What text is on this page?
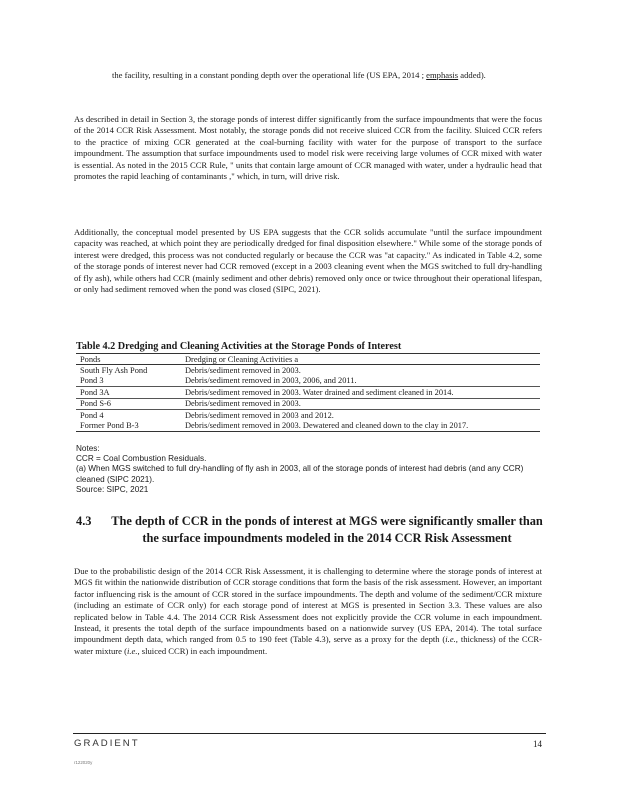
the facility, resulting in a constant ponding depth over the operational life (US EPA, 2014 ; emphasis added).

As described in detail in Section 3, the storage ponds of interest differ significantly from the surface impoundments that were the focus of the 2014 CCR Risk Assessment. Most notably, the storage ponds did not receive sluiced CCR from the facility. Sluiced CCR refers to the practice of mixing CCR generated at the coal-burning facility with water for the purpose of transport to the surface impoundment. The assumption that surface impoundments used to model risk were receiving large volumes of CCR mixed with water is essential. As noted in the 2015 CCR Rule, " units that contain large amount of CCR managed with water, under a hydraulic head that promotes the rapid leaching of contaminants ," which, in turn, will drive risk.

Additionally, the conceptual model presented by US EPA suggests that the CCR solids accumulate "until the surface impoundment capacity was reached, at which point they are periodically dredged for final disposition elsewhere." While some of the storage ponds of interest were dredged, this process was not conducted regularly or because the CCR was "at capacity." As indicated in Table 4.2, some of the storage ponds of interest never had CCR removed (except in a 2003 cleaning event when the MGS switched to full dry-handling of fly ash), while others had CCR (mainly sediment and other debris) removed only once or twice throughout their operational lifespan, or only had sediment removed when the pond was closed (SIPC, 2021).

Table 4.2 Dredging and Cleaning Activities at the Storage Ponds of Interest
Ponds	Dredging or Cleaning Activities a
South Fly Ash Pond	Debris/sediment removed in 2003.
Pond 3	Debris/sediment removed in 2003, 2006, and 2011.
Pond 3A	Debris/sediment removed in 2003. Water drained and sediment cleaned in 2014.
Pond S-6	Debris/sediment removed in 2003.
Pond 4	Debris/sediment removed in 2003 and 2012.
Former Pond B-3	Debris/sediment removed in 2003. Dewatered and cleaned down to the clay in 2017.
Notes:
CCR = Coal Combustion Residuals.
(a) When MGS switched to full dry-handling of fly ash in 2003, all of the storage ponds of interest had debris (and any CCR) cleaned (SIPC 2021).
Source: SIPC, 2021
4.3 The depth of CCR in the ponds of interest at MGS were significantly smaller than the surface impoundments modeled in the 2014 CCR Risk Assessment

Due to the probabilistic design of the 2014 CCR Risk Assessment, it is challenging to determine where the storage ponds of interest at MGS fit within the nationwide distribution of CCR storage conditions that form the basis of the risk assessment. However, an important factor influencing risk is the amount of CCR stored in the surface impoundments. The depth and volume of the sediment/CCR mixture (including an estimate of CCR only) for each storage pond of interest at MGS is presented in Section 3.3. These values are also replicated below in Table 4.4. The 2014 CCR Risk Assessment does not explicitly provide the CCR volume in each impoundment. Instead, it presents the total depth of the surface impoundments based on a nationwide survey (US EPA, 2014). The total surface impoundment depth data, which ranged from 0.5 to 190 feet (Table 4.3), serve as a proxy for the depth (i.e., thickness) of the CCR-water mixture (i.e., sluiced CCR) in each impoundment.

GRADIENT	14
r122020y
